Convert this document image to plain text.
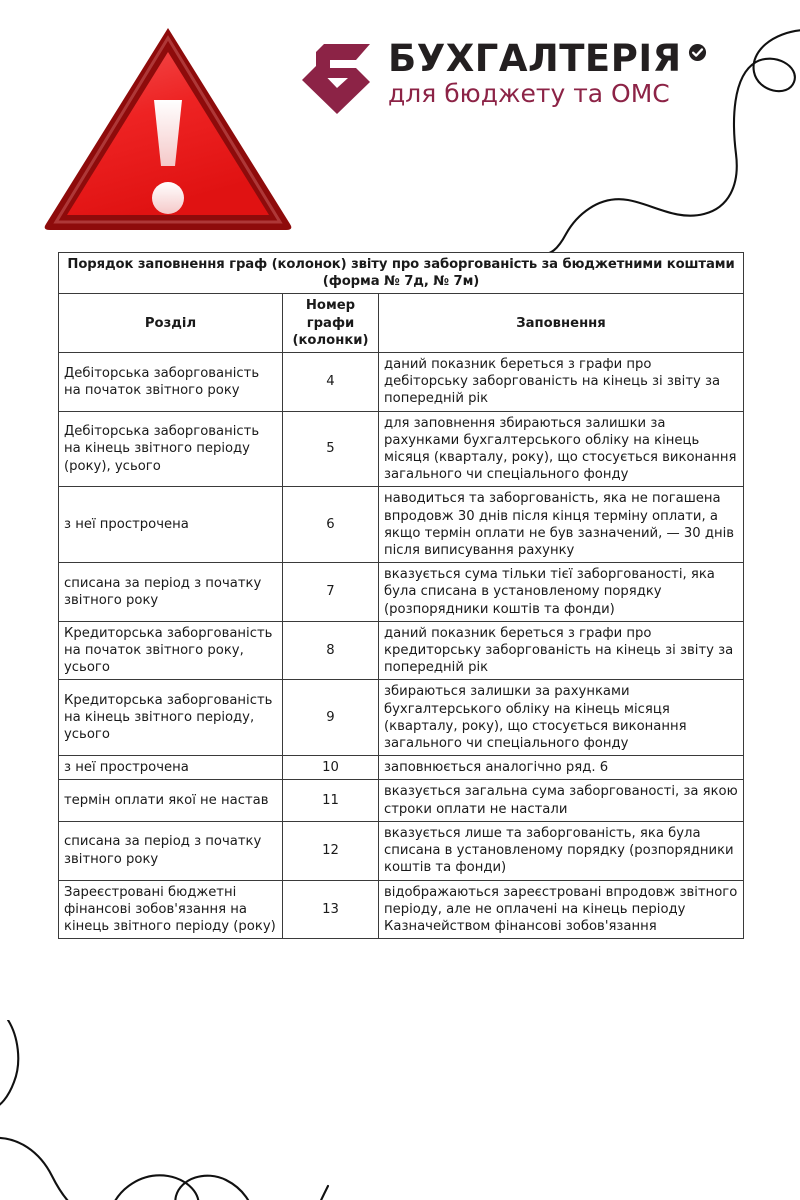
БУХГАЛТЕРІЯ
для бюджету та ОМС
Порядок заповнення граф (колонок) звіту про заборгованість за бюджетними коштами (форма № 7д, № 7м)		
Розділ	Номер графи (колонки)	Заповнення
Дебіторська заборгованість на початок звітного року	4	даний показник береться з графи про дебіторську заборгованість на кінець зі звіту за попередній рік
Дебіторська заборгованість на кінець звітного періоду (року), усього	5	для заповнення збираються залишки за рахунками бухгалтерського обліку на кінець місяця (кварталу, року), що стосується виконання загального чи спеціального фонду
з неї прострочена	6	наводиться та заборгованість, яка не погашена впродовж 30 днів після кінця терміну оплати, а якщо термін оплати не був зазначений, — 30 днів після виписування рахунку
списана за період з початку звітного року	7	вказується сума тільки тієї заборгованості, яка була списана в установленому порядку (розпорядники коштів та фонди)
Кредиторська заборгованість на початок звітного року, усього	8	даний показник береться з графи про кредиторську заборгованість на кінець зі звіту за попередній рік
Кредиторська заборгованість на кінець звітного періоду, усього	9	збираються залишки за рахунками бухгалтерського обліку на кінець місяця (кварталу, року), що стосується виконання загального чи спеціального фонду
з неї прострочена	10	заповнюється аналогічно ряд. 6
термін оплати якої не настав	11	вказується загальна сума заборгованості, за якою строки оплати не настали
списана за період з початку звітного року	12	вказується лише та заборгованість, яка була списана в установленому порядку (розпорядники коштів та фонди)
Зареєстровані бюджетні фінансові зобов'язання на кінець звітного періоду (року)	13	відображаються зареєстровані впродовж звітного періоду, але не оплачені на кінець періоду Казначейством фінансові зобов'язання
